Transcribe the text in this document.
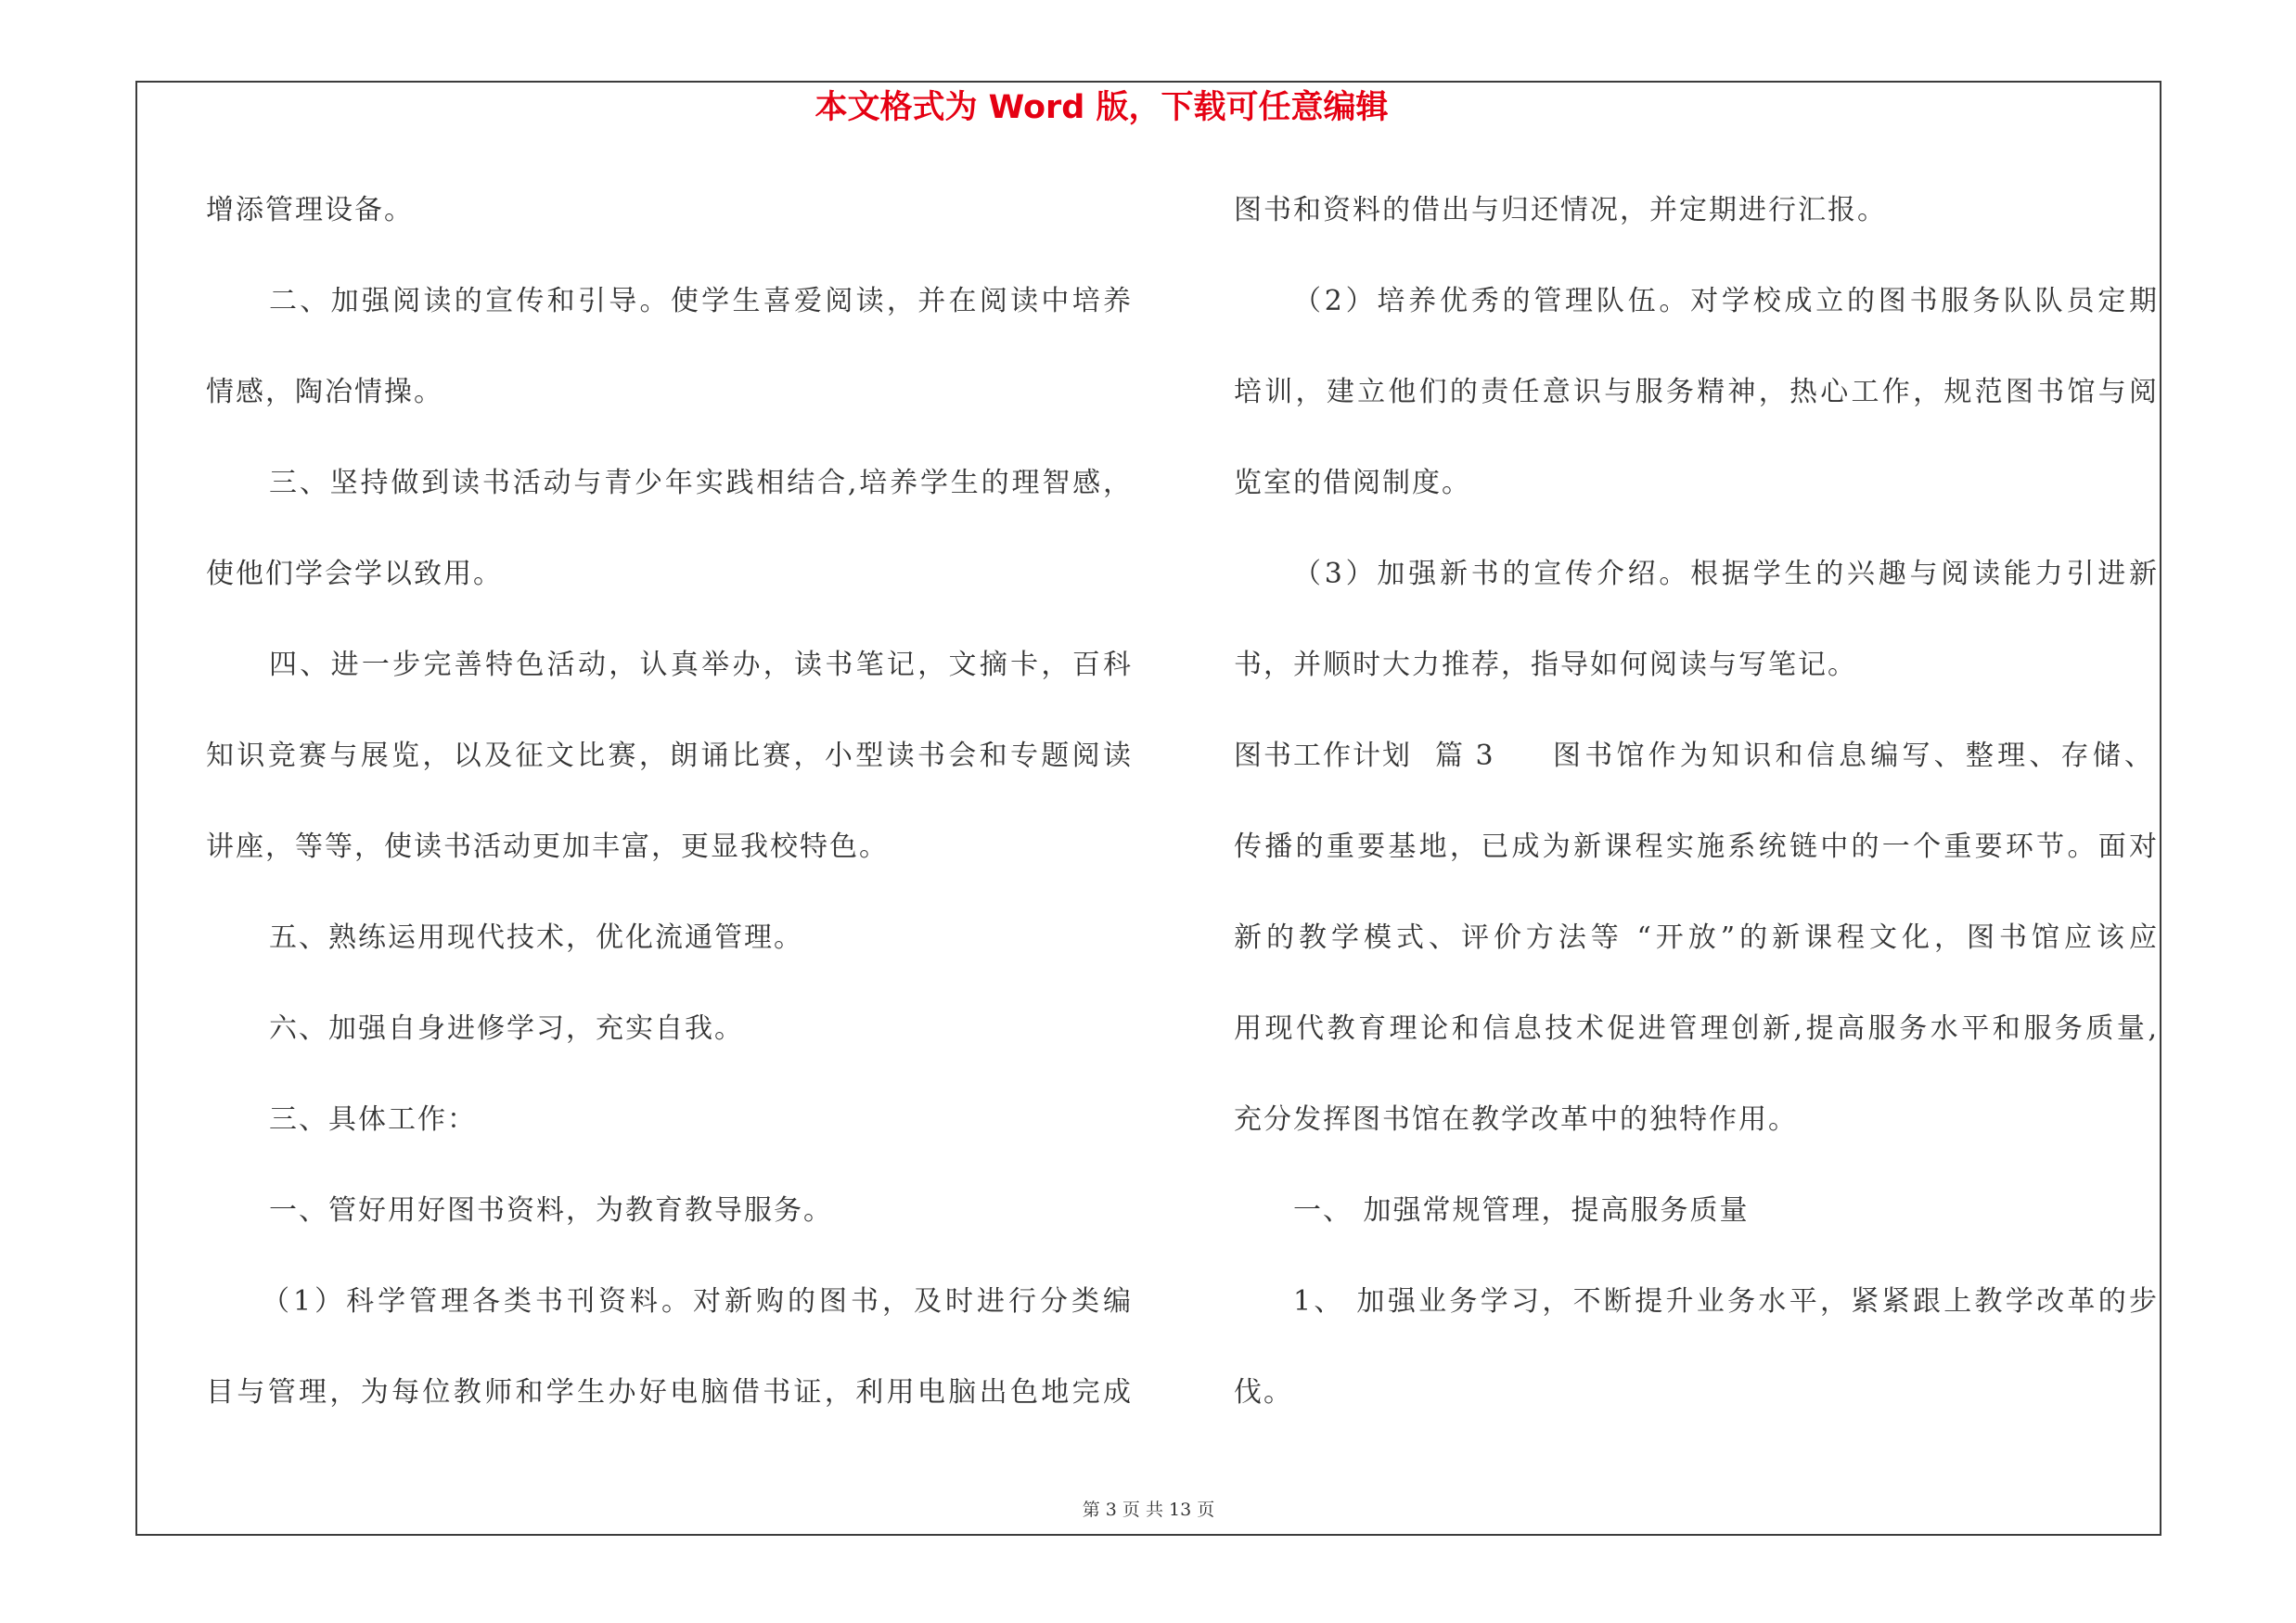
本文格式为 Word 版，下载可任意编辑
增添管理设备。
二、加强阅读的宣传和引导。使学生喜爱阅读，并在阅读中培养
情感，陶冶情操。
三、坚持做到读书活动与青少年实践相结合,培养学生的理智感，
使他们学会学以致用。
四、进一步完善特色活动，认真举办，读书笔记，文摘卡，百科
知识竞赛与展览，以及征文比赛，朗诵比赛，小型读书会和专题阅读
讲座，等等，使读书活动更加丰富，更显我校特色。
五、熟练运用现代技术，优化流通管理。
六、加强自身进修学习，充实自我。
三、具体工作：
一、管好用好图书资料，为教育教导服务。
（1）科学管理各类书刊资料。对新购的图书，及时进行分类编
目与管理，为每位教师和学生办好电脑借书证，利用电脑出色地完成
图书和资料的借出与归还情况，并定期进行汇报。
（2）培养优秀的管理队伍。对学校成立的图书服务队队员定期
培训，建立他们的责任意识与服务精神，热心工作，规范图书馆与阅
览室的借阅制度。
（3）加强新书的宣传介绍。根据学生的兴趣与阅读能力引进新
书，并顺时大力推荐，指导如何阅读与写笔记。
图书工作计划 篇 3 图书馆作为知识和信息编写、整理、存储、
传播的重要基地，已成为新课程实施系统链中的一个重要环节。面对
新的教学模式、评价方法等 “开放”的新课程文化，图书馆应该应
用现代教育理论和信息技术促进管理创新,提高服务水平和服务质量,
充分发挥图书馆在教学改革中的独特作用。
一、 加强常规管理，提高服务质量
1、 加强业务学习，不断提升业务水平，紧紧跟上教学改革的步
伐。
第 3 页 共 13 页
